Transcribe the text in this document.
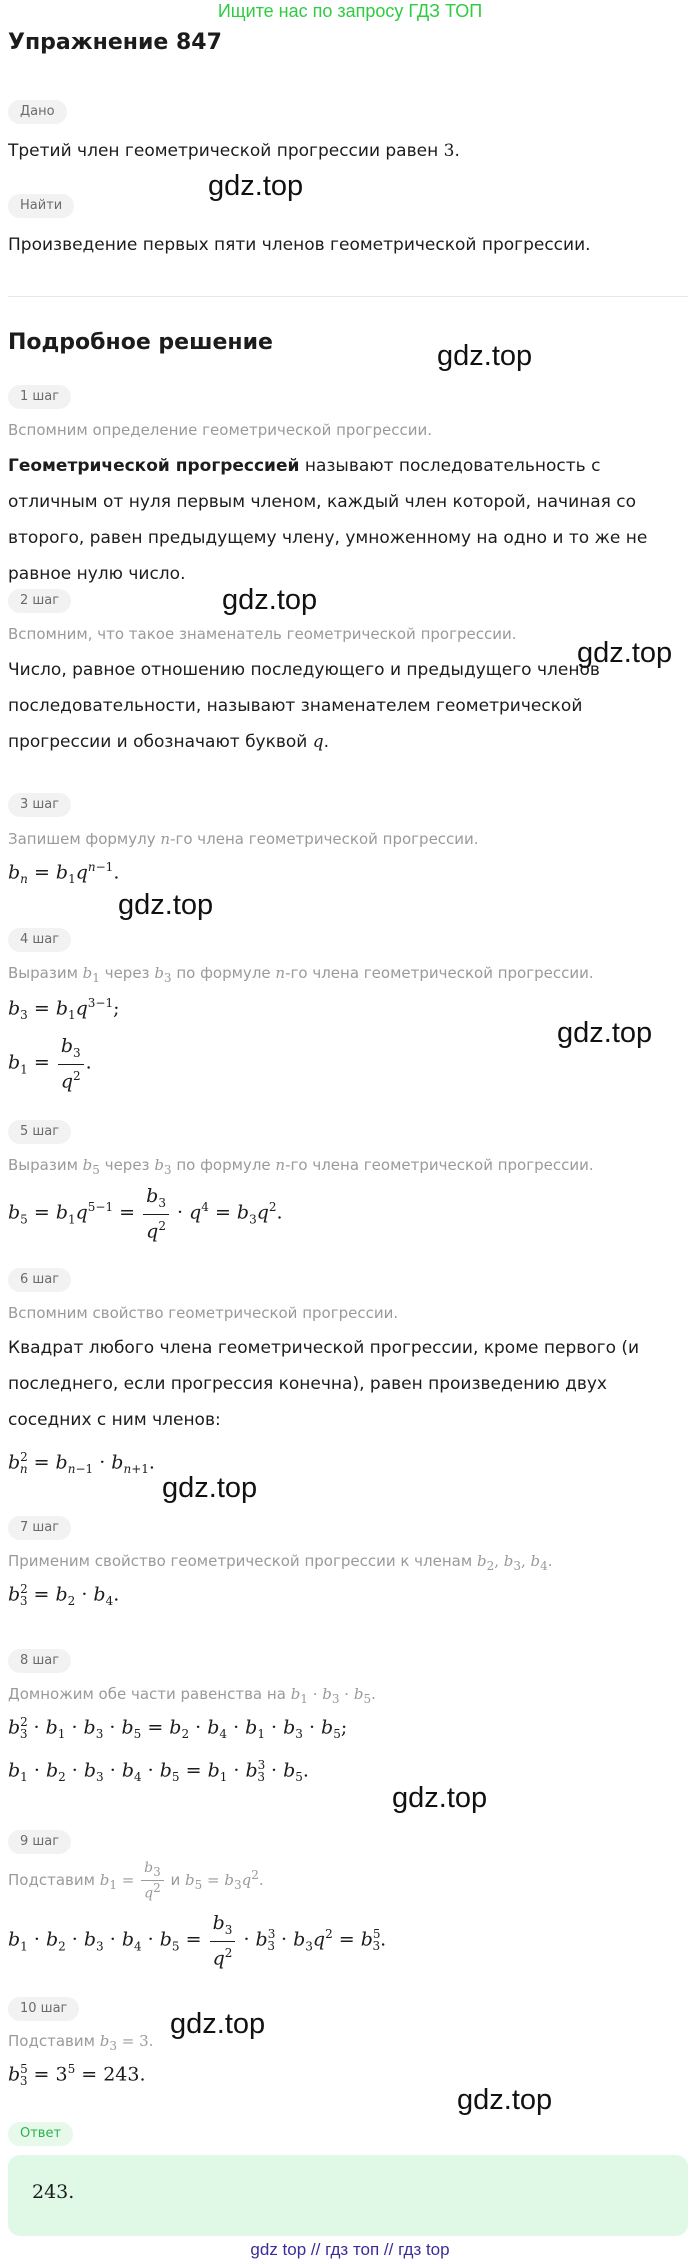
Ищите нас по запросу ГДЗ ТОП
Упражнение 847
Дано

Третий член геометрической прогрессии равен 3.

Найти

Произведение первых пяти членов геометрической прогрессии.

Подробное решение
1 шаг

Вспомним определение геометрической прогрессии.

Геометрической прогрессией называют последовательность с отличным от нуля первым членом, каждый член которой, начиная со второго, равен предыдущему члену, умноженному на одно и то же не равное нулю число.

2 шаг

Вспомним, что такое знаменатель геометрической прогрессии.

Число, равное отношению последующего и предыдущего членов последовательности, называют знаменателем геометрической прогрессии и обозначают буквой q.

3 шаг

Запишем формулу n-го члена геометрической прогрессии.

$b_n = b_1q^{n-1}$.
4 шаг

Выразим $b_1$ через $b_3$ по формуле n-го члена геометрической прогрессии.

$b_3 = b_1q^{3-1}$;
$b_1 = \frac{b_3}{q^2}$ .
5 шаг

Выразим $b_5$ через $b_3$ по формуле n-го члена геометрической прогрессии.

$b_5 = b_1q^{5-1} = \frac{b_3}{q^2} \cdot q^4 = b_3q^2$.
6 шаг

Вспомним свойство геометрической прогрессии.

Квадрат любого члена геометрической прогрессии, кроме первого (и последнего, если прогрессия конечна), равен произведению двух соседних с ним членов:

$b^2_n = b_{n-1} \cdot b_{n+1}$.
7 шаг

Применим свойство геометрической прогрессии к членам $b_2$, $b_3$, $b_4$.

$b^2_3 = b_2 \cdot b_4$.
8 шаг

Домножим обе части равенства на $b_1 \cdot b_3 \cdot b_5$.

$b^2_3 \cdot b_1 \cdot b_3 \cdot b_5 = b_2 \cdot b_4 \cdot b_1 \cdot b_3 \cdot b_5$;
$b_1 \cdot b_2 \cdot b_3 \cdot b_4 \cdot b_5 = b_1 \cdot b^3_3 \cdot b_5$.
9 шаг

Подставим $b_1 = \frac{b_3}{q^2}$ и $b_5 = b_3q^2$.

$b_1 \cdot b_2 \cdot b_3 \cdot b_4 \cdot b_5 = \frac{b_3}{q^2} \cdot b^3_3 \cdot b_3q^2 = b^5_3$.
10 шаг

Подставим $b_3 = 3$.

$b^5_3 = 3^5 = 243$.
Ответ
243.
gdz.top
gdz.top
gdz.top
gdz.top
gdz.top
gdz.top
gdz.top
gdz.top
gdz.top
gdz.top
gdz top // гдз топ // гдз top
